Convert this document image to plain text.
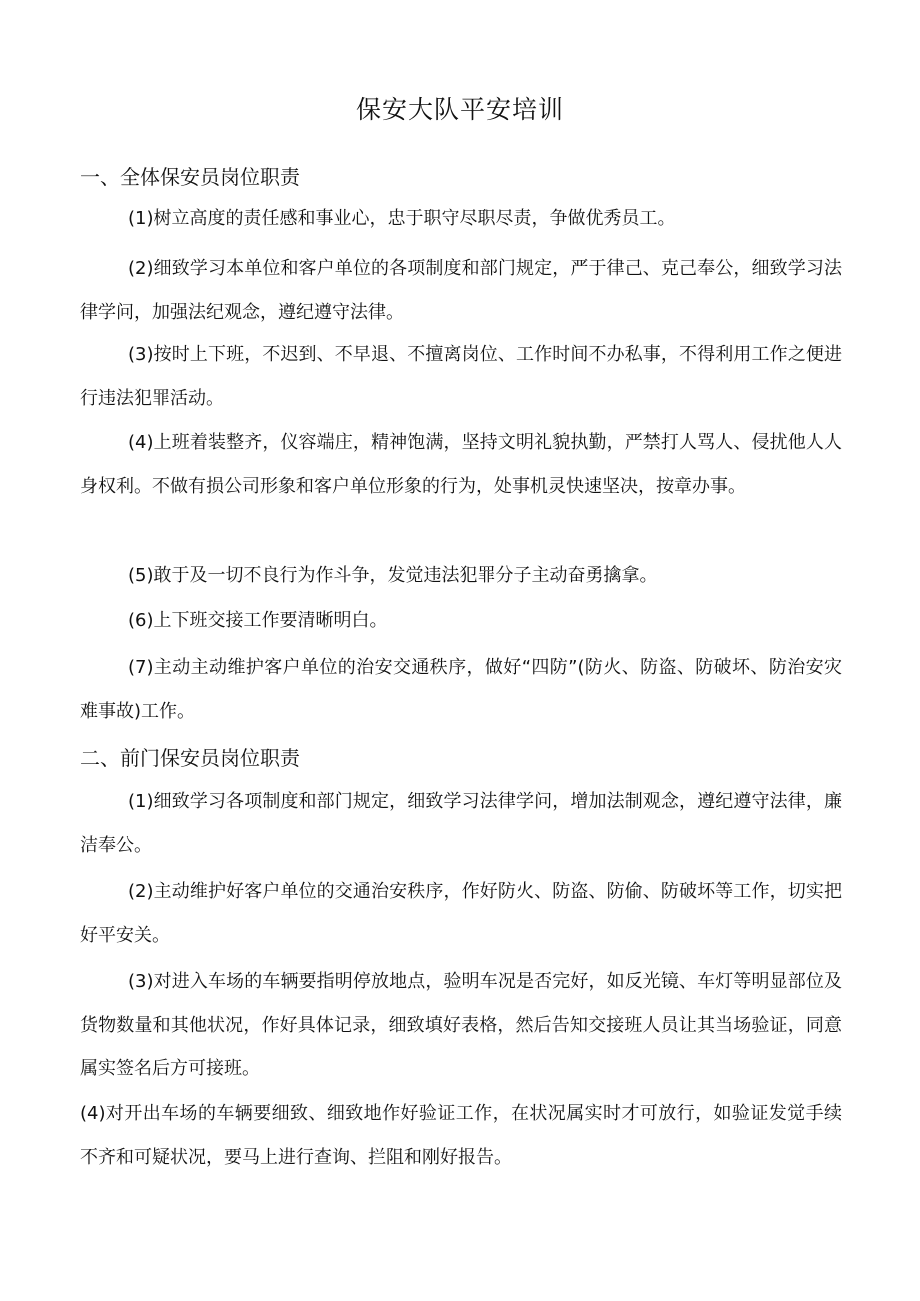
保安大队平安培训
一、全体保安员岗位职责

(1)树立高度的责任感和事业心，忠于职守尽职尽责，争做优秀员工。

(2)细致学习本单位和客户单位的各项制度和部门规定，严于律己、克己奉公，细致学习法律学问，加强法纪观念，遵纪遵守法律。

(3)按时上下班，不迟到、不早退、不擅离岗位、工作时间不办私事，不得利用工作之便进行违法犯罪活动。

(4)上班着装整齐，仪容端庄，精神饱满，坚持文明礼貌执勤，严禁打人骂人、侵扰他人人身权利。不做有损公司形象和客户单位形象的行为，处事机灵快速坚决，按章办事。

(5)敢于及一切不良行为作斗争，发觉违法犯罪分子主动奋勇擒拿。

(6)上下班交接工作要清晰明白。

(7)主动主动维护客户单位的治安交通秩序，做好“四防”(防火、防盗、防破坏、防治安灾难事故)工作。

二、前门保安员岗位职责

(1)细致学习各项制度和部门规定，细致学习法律学问，增加法制观念，遵纪遵守法律，廉洁奉公。

(2)主动维护好客户单位的交通治安秩序，作好防火、防盗、防偷、防破坏等工作，切实把好平安关。

(3)对进入车场的车辆要指明停放地点，验明车况是否完好，如反光镜、车灯等明显部位及货物数量和其他状况，作好具体记录，细致填好表格，然后告知交接班人员让其当场验证，同意属实签名后方可接班。

(4)对开出车场的车辆要细致、细致地作好验证工作，在状况属实时才可放行，如验证发觉手续不齐和可疑状况，要马上进行查询、拦阻和刚好报告。
